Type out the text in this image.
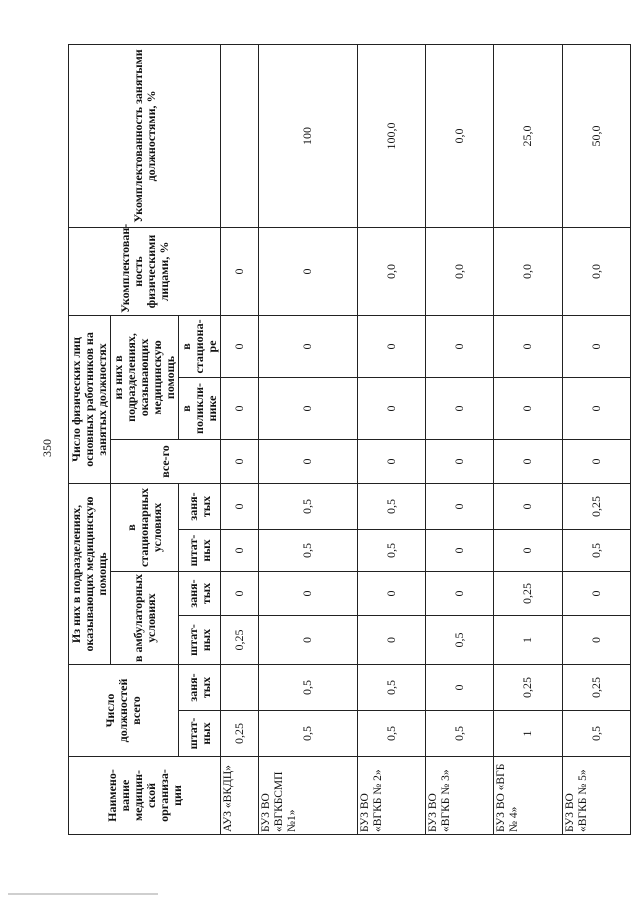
350
Наимено-вание медицин-ской организа-ции	Число должностей всего		Из них в подразделениях, оказывающих медицинскую помощь				Число физических лиц основных работников на занятых должностях			Укомплектован-ность физическими лицами, %	Укомплектованность занятыми должностями, %
			в амбулаторных условиях		в стационарных условиях		все-го	из них в подразделениях, оказывающих медицинскую помощь			
	штат-ных	заня-тых						в поликли-нике	в стациона-ре		
			штат-ных	заня-тых	штат-ных	заня-тых					
АУЗ «ВКДЦ»	0,25		0,25	0	0	0	0	0	0	0	
БУЗ ВО «ВГКБСМП №1»	0,5	0,5	0	0	0,5	0,5	0	0	0	0	100
БУЗ ВО «ВГКБ № 2»	0,5	0,5	0	0	0,5	0,5	0	0	0	0,0	100,0
БУЗ ВО «ВГКБ № 3»	0,5	0	0,5	0	0	0	0	0	0	0,0	0,0
БУЗ ВО «ВГБ № 4»	1	0,25	1	0,25	0	0	0	0	0	0,0	25,0
БУЗ ВО «ВГКБ № 5»	0,5	0,25	0	0	0,5	0,25	0	0	0	0,0	50,0
